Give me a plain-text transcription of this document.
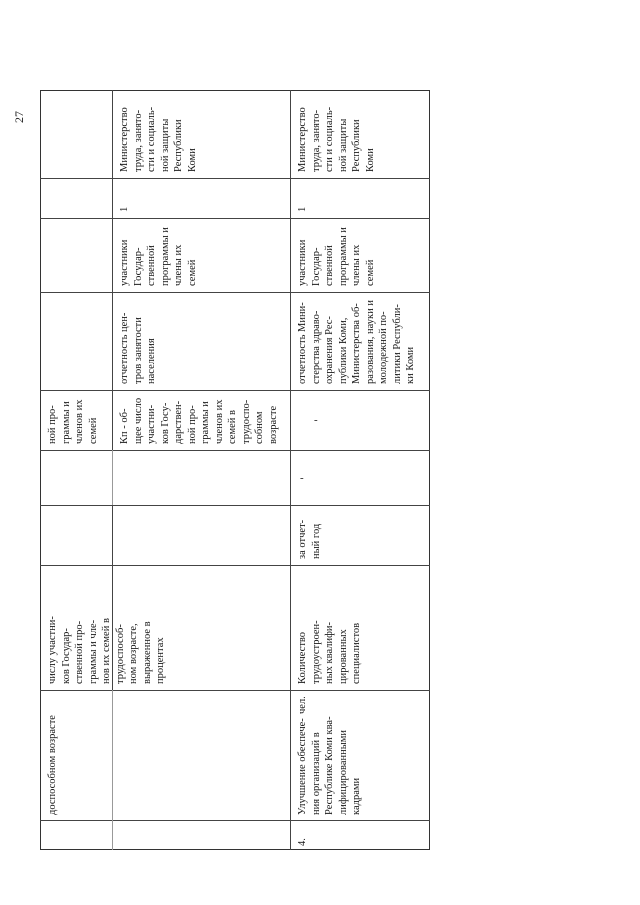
27	Министерство
труда, занято-
сти и социаль-
ной защиты
Республики
Коми
1
участники
Государ-
ственной
программы и
члены их
семей
отчетность цен-
тров занятости
населения
ной про-
граммы и
членов их
семей Кп - об-
щее число
участни-
ков Госу-
дарствен-
ной про-
граммы и
членов их
семей в
трудоспо-
собном
возрасте
числу участни-
ков Государ-
ственной про-
граммы и чле-
нов их семей в
трудоспособ-
ном возрасте,
выраженное в
процентах
доспособном возрасте
Министерство
труда, занято-
сти и социаль-
ной защиты
Республики
Коми
1
участники
Государ-
ственной
программы и
члены их
семей
отчетность Мини-
стерства здраво-
охранения Рес-
публики Коми,
Министерства об-
разования, науки и
молодежной по-
литики Республи-
ки Коми
-
-
за отчет-
ный год
Количество
трудоустроен-
ных квалифи-
цированных
специалистов
чел.
Улучшение обеспече-
ния организаций в
Республике Коми ква-
лифицированными
кадрами
4.
